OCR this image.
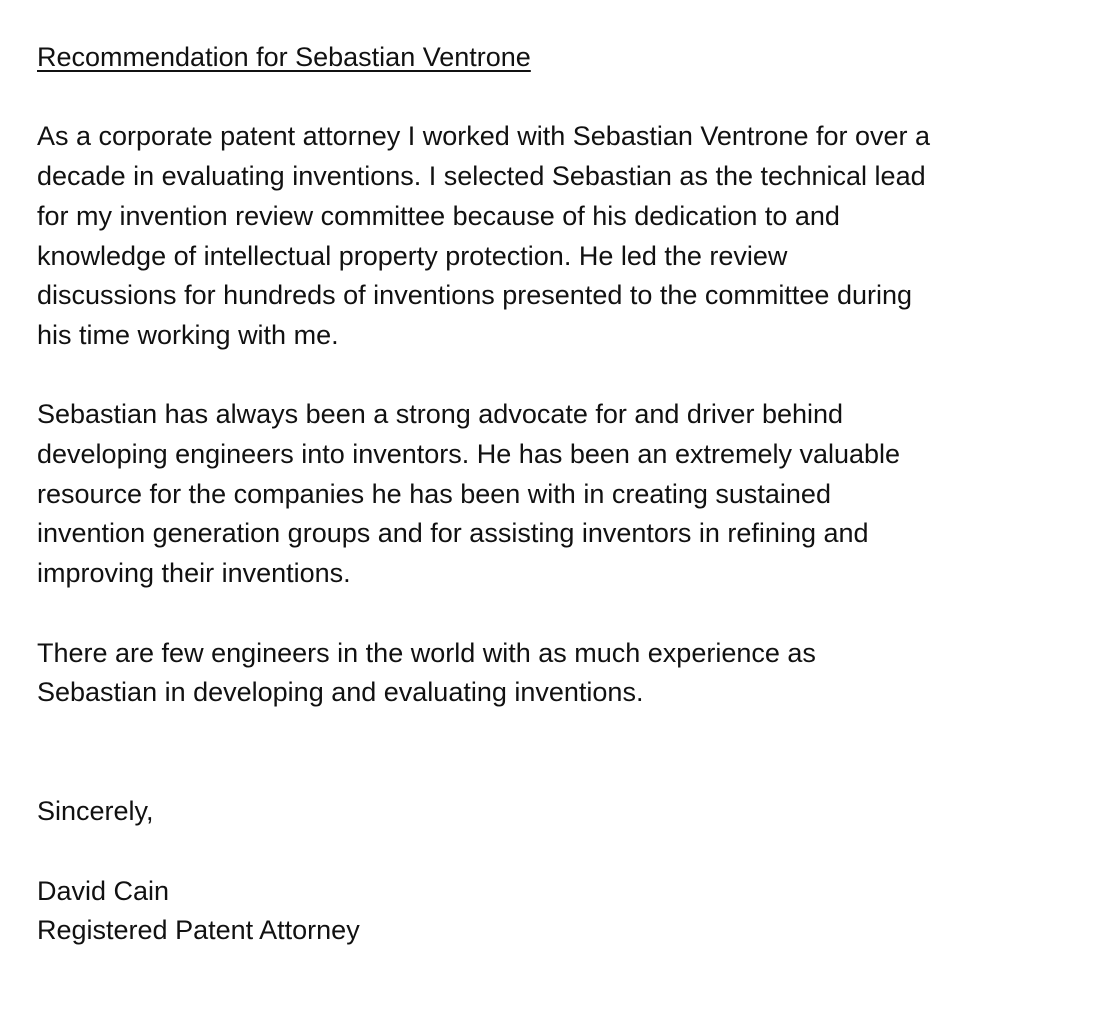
Recommendation for Sebastian Ventrone
As a corporate patent attorney I worked with Sebastian Ventrone for over a
decade in evaluating inventions. I selected Sebastian as the technical lead
for my invention review committee because of his dedication to and
knowledge of intellectual property protection. He led the review
discussions for hundreds of inventions presented to the committee during
his time working with me.
Sebastian has always been a strong advocate for and driver behind
developing engineers into inventors. He has been an extremely valuable
resource for the companies he has been with in creating sustained
invention generation groups and for assisting inventors in refining and
improving their inventions.
There are few engineers in the world with as much experience as
Sebastian in developing and evaluating inventions.
Sincerely,
David Cain
Registered Patent Attorney
